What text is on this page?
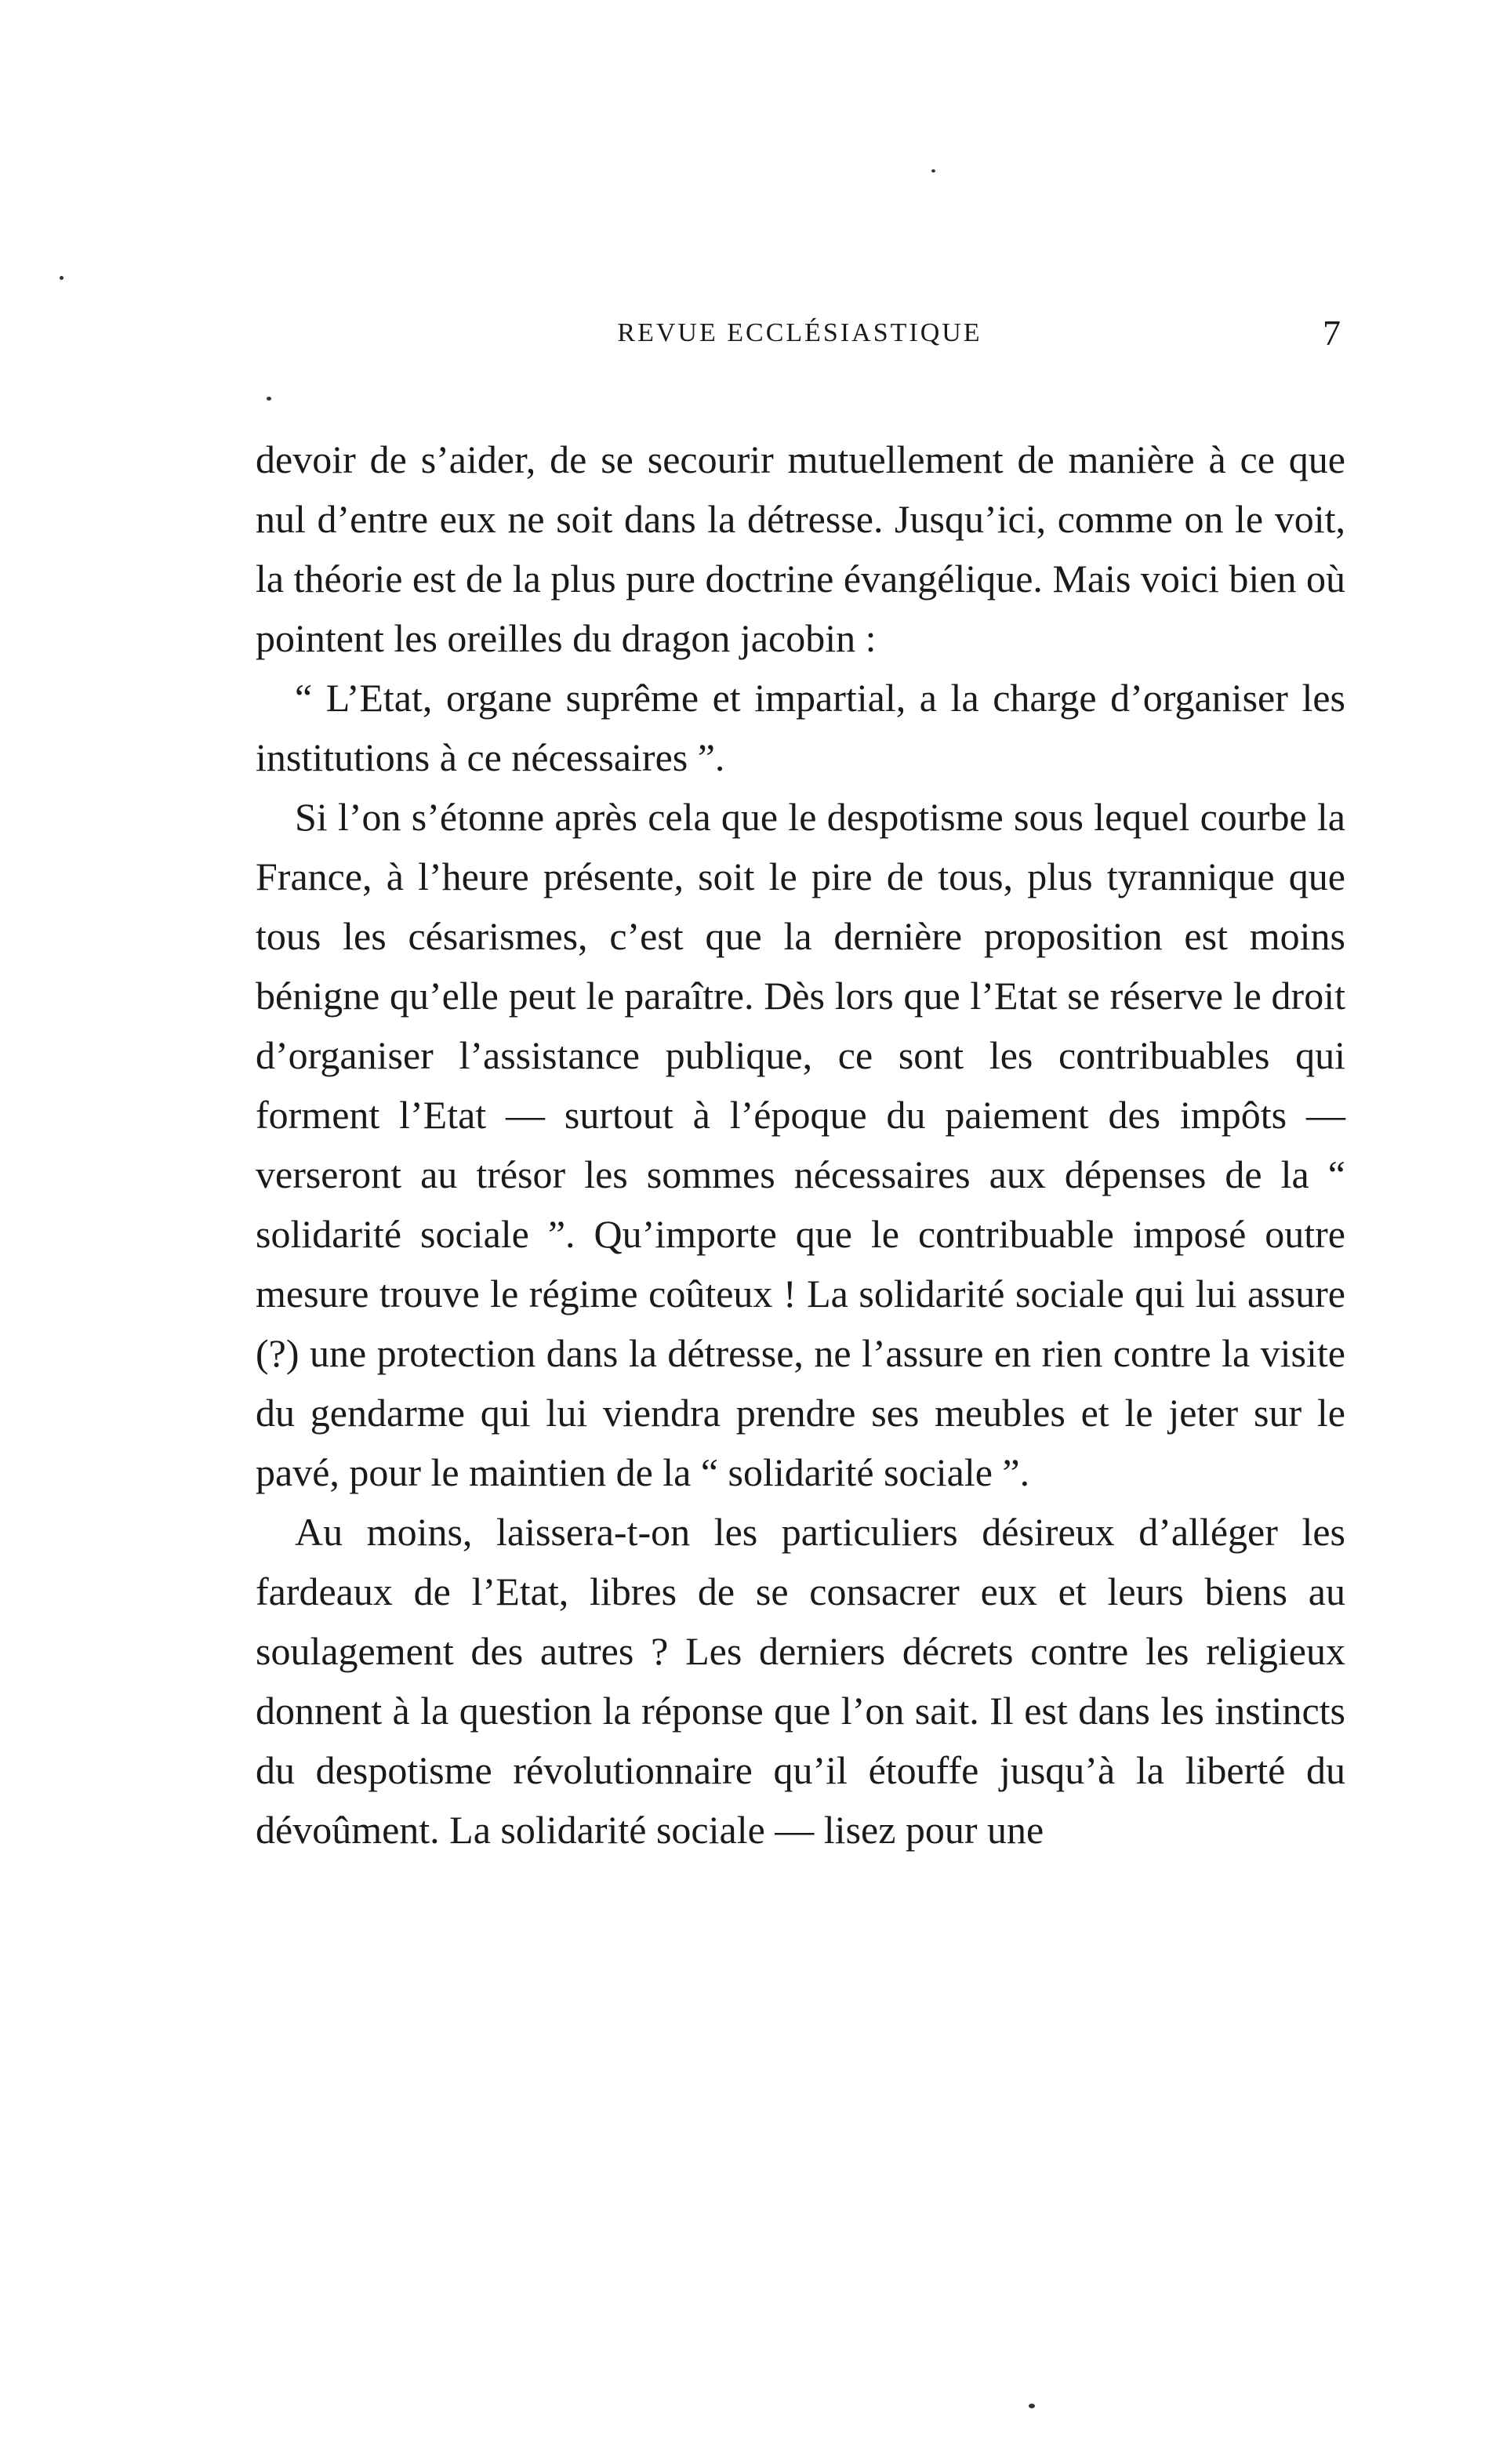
REVUE ECCLÉSIASTIQUE	7

devoir de s’aider, de se secourir mutuellement de manière à ce que nul d’entre eux ne soit dans la détresse. Jusqu’ici, comme on le voit, la théorie est de la plus pure doctrine évangélique. Mais voici bien où pointent les oreilles du dragon jacobin :

“ L’Etat, organe suprême et impartial, a la charge d’organiser les institutions à ce nécessaires ”.

Si l’on s’étonne après cela que le despotisme sous lequel courbe la France, à l’heure présente, soit le pire de tous, plus tyrannique que tous les césarismes, c’est que la dernière proposition est moins bénigne qu’elle peut le paraître. Dès lors que l’Etat se réserve le droit d’organiser l’assistance publique, ce sont les contribuables qui forment l’Etat — surtout à l’époque du paiement des impôts — verseront au trésor les sommes nécessaires aux dépenses de la “ solidarité sociale ”. Qu’importe que le contribuable imposé outre mesure trouve le régime coûteux ! La solidarité sociale qui lui assure (?) une protection dans la détresse, ne l’assure en rien contre la visite du gendarme qui lui viendra prendre ses meubles et le jeter sur le pavé, pour le maintien de la “ solidarité sociale ”.

Au moins, laissera-t-on les particuliers désireux d’alléger les fardeaux de l’Etat, libres de se consacrer eux et leurs biens au soulagement des autres ? Les derniers décrets contre les religieux donnent à la question la réponse que l’on sait. Il est dans les instincts du despotisme révolutionnaire qu’il étouffe jusqu’à la liberté du dévoûment. La solidarité sociale — lisez pour une
